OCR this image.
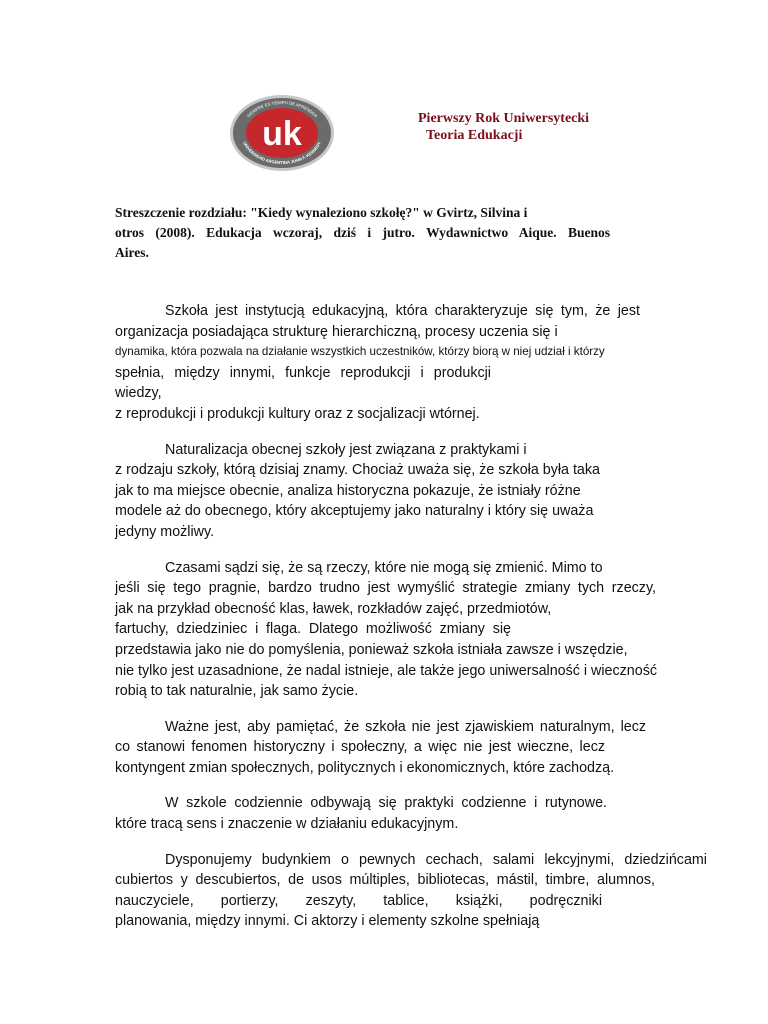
SIEMPRE ES TIEMPO DE APRENDER
UNIVERSIDAD ARGENTINA JOHN F. KENNEDY
uk	Pierwszy Rok Uniwersytecki
Teoria Edukacji
Streszczenie rozdziału: "Kiedy wynaleziono szkołę?" w Gvirtz, Silvina i
otros (2008). Edukacja wczoraj, dziś i jutro. Wydawnictwo Aique. Buenos
Aires.
Szkoła jest instytucją edukacyjną, która charakteryzuje się tym, że jest
organizacja posiadająca strukturę hierarchiczną, procesy uczenia się i
dynamika, która pozwala na działanie wszystkich uczestników, którzy biorą w niej udział i którzy
spełnia, między innymi, funkcje reprodukcji i produkcji wiedzy,
z reprodukcji i produkcji kultury oraz z socjalizacji wtórnej.
Naturalizacja obecnej szkoły jest związana z praktykami i
z rodzaju szkoły, którą dzisiaj znamy. Chociaż uważa się, że szkoła była taka
jak to ma miejsce obecnie, analiza historyczna pokazuje, że istniały różne
modele aż do obecnego, który akceptujemy jako naturalny i który się uważa
jedyny możliwy.
Czasami sądzi się, że są rzeczy, które nie mogą się zmienić. Mimo to
jeśli się tego pragnie, bardzo trudno jest wymyślić strategie zmiany tych rzeczy,
jak na przykład obecność klas, ławek, rozkładów zajęć, przedmiotów,
fartuchy, dziedziniec i flaga. Dlatego możliwość zmiany się
przedstawia jako nie do pomyślenia, ponieważ szkoła istniała zawsze i wszędzie,
nie tylko jest uzasadnione, że nadal istnieje, ale także jego uniwersalność i wieczność
robią to tak naturalnie, jak samo życie.
Ważne jest, aby pamiętać, że szkoła nie jest zjawiskiem naturalnym, lecz
co stanowi fenomen historyczny i społeczny, a więc nie jest wieczne, lecz
kontyngent zmian społecznych, politycznych i ekonomicznych, które zachodzą.
W szkole codziennie odbywają się praktyki codzienne i rutynowe.
które tracą sens i znaczenie w działaniu edukacyjnym.
Dysponujemy budynkiem o pewnych cechach, salami lekcyjnymi, dziedzińcami
cubiertos y descubiertos, de usos múltiples, bibliotecas, mástil, timbre, alumnos,
nauczyciele, portierzy, zeszyty, tablice, książki, podręczniki
planowania, między innymi. Ci aktorzy i elementy szkolne spełniają
